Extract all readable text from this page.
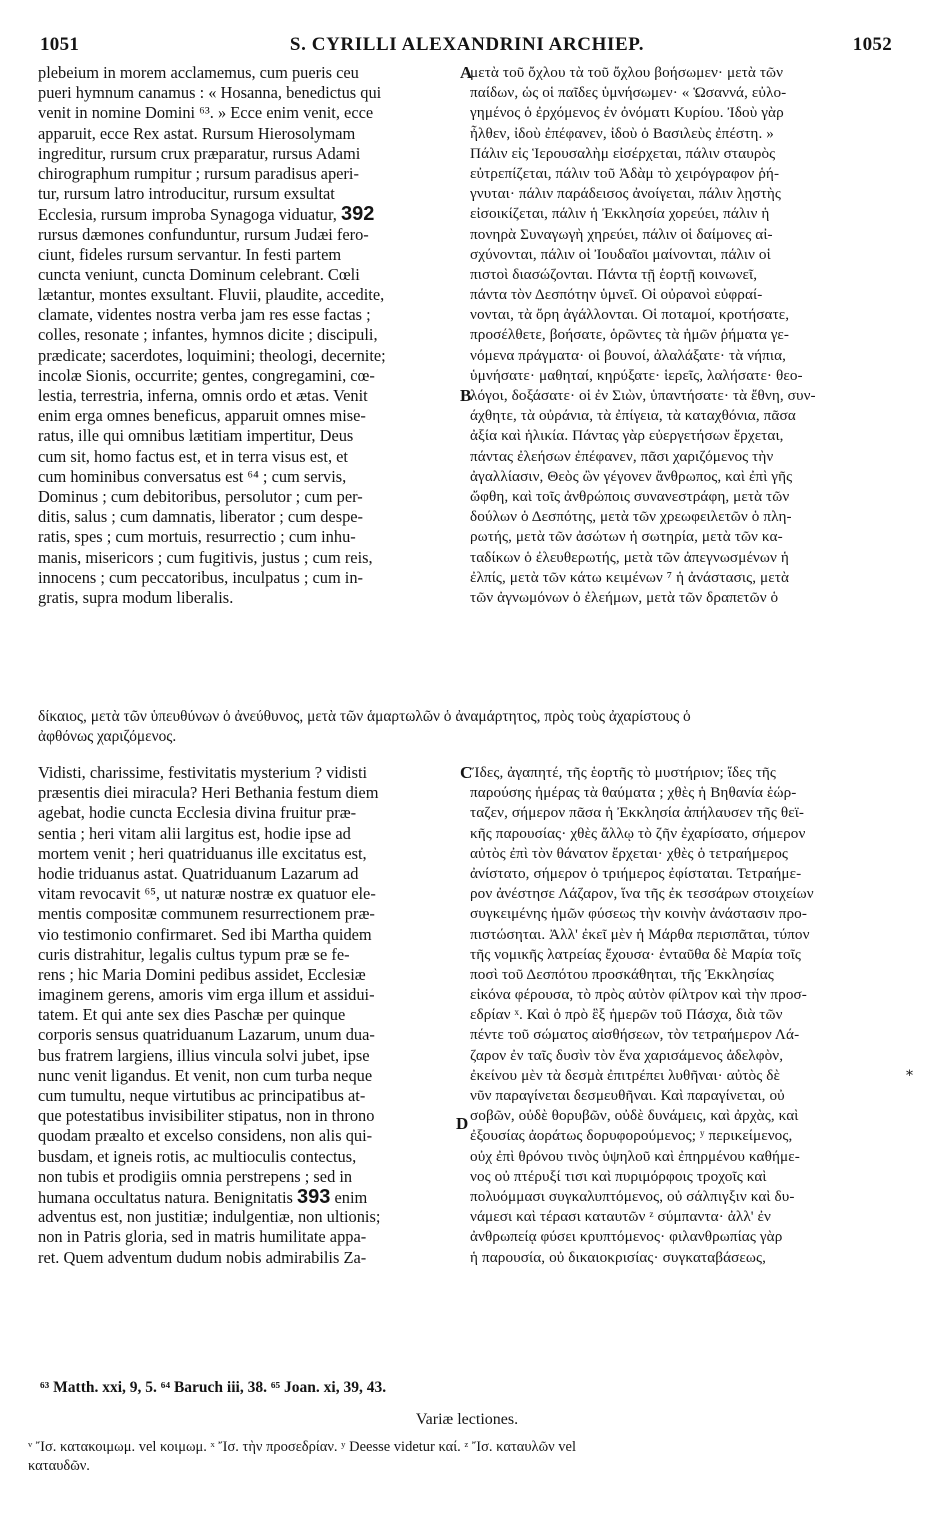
S. CYRILLI ALEXANDRINI ARCHIEP.
1051	1052
plebeium in morem acclamemus, cum pueris ceu
pueri hymnum canamus : « Hosanna, benedictus qui
venit in nomine Domini ⁶³. » Ecce enim venit, ecce
apparuit, ecce Rex astat. Rursum Hierosolymam
ingreditur, rursum crux præparatur, rursus Adami
chirographum rumpitur ; rursum paradisus aperi-
tur, rursum latro introducitur, rursum exsultat
Ecclesia, rursum improba Synagoga viduatur, 392
rursus dæmones confunduntur, rursum Judæi fero-
ciunt, fideles rursum servantur. In festi partem
cuncta veniunt, cuncta Dominum celebrant. Cœli
lætantur, montes exsultant. Fluvii, plaudite, accedite,
clamate, videntes nostra verba jam res esse factas ;
colles, resonate ; infantes, hymnos dicite ; discipuli,
prædicate; sacerdotes, loquimini; theologi, decernite;
incolæ Sionis, occurrite; gentes, congregamini, cœ-
lestia, terrestria, inferna, omnis ordo et ætas. Venit
enim erga omnes beneficus, apparuit omnes mise-
ratus, ille qui omnibus lætitiam impertitur, Deus
cum sit, homo factus est, et in terra visus est, et
cum hominibus conversatus est ⁶⁴ ; cum servis,
Dominus ; cum debitoribus, persolutor ; cum per-
ditis, salus ; cum damnatis, liberator ; cum despe-
ratis, spes ; cum mortuis, resurrectio ; cum inhu-
manis, misericors ; cum fugitivis, justus ; cum reis,
innocens ; cum peccatoribus, inculpatus ; cum in-
gratis, supra modum liberalis.
A
B
μετὰ τοῦ ὄχλου τὰ τοῦ ὄχλου βοήσωμεν· μετὰ τῶν
παίδων, ὡς οἱ παῖδες ὑμνήσωμεν· « Ὡσαννά, εὐλο-
γημένος ὁ ἐρχόμενος ἐν ὀνόματι Κυρίου. Ἰδοὺ γὰρ
ἦλθεν, ἰδοὺ ἐπέφανεν, ἰδοὺ ὁ Βασιλεὺς ἐπέστη. »
Πάλιν εἰς Ἱερουσαλὴμ εἰσέρχεται, πάλιν σταυρὸς
εὐτρεπίζεται, πάλιν τοῦ Ἀδὰμ τὸ χειρόγραφον ῥή-
γνυται· πάλιν παράδεισος ἀνοίγεται, πάλιν λῃστὴς
εἰσοικίζεται, πάλιν ἡ Ἐκκλησία χορεύει, πάλιν ἡ
πονηρὰ Συναγωγὴ χηρεύει, πάλιν οἱ δαίμονες αἰ-
σχύνονται, πάλιν οἱ Ἰουδαῖοι μαίνονται, πάλιν οἱ
πιστοὶ διασώζονται. Πάντα τῇ ἑορτῇ κοινωνεῖ,
πάντα τὸν Δεσπότην ὑμνεῖ. Οἱ οὐρανοὶ εὐφραί-
νονται, τὰ ὄρη ἀγάλλονται. Οἱ ποταμοί, κροτήσατε,
προσέλθετε, βοήσατε, ὁρῶντες τὰ ἡμῶν ῥήματα γε-
νόμενα πράγματα· οἱ βουνοί, ἀλαλάξατε· τὰ νήπια,
ὑμνήσατε· μαθηταί, κηρύξατε· ἱερεῖς, λαλήσατε· θεο-
λόγοι, δοξάσατε· οἱ ἐν Σιὼν, ὑπαντήσατε· τὰ ἔθνη, συν-
άχθητε, τὰ οὐράνια, τὰ ἐπίγεια, τὰ καταχθόνια, πᾶσα
ἀξία καὶ ἡλικία. Πάντας γὰρ εὐεργετήσων ἔρχεται,
πάντας ἐλεήσων ἐπέφανεν, πᾶσι χαριζόμενος τὴν
ἀγαλλίασιν, Θεὸς ὢν γέγονεν ἄνθρωπος, καὶ ἐπὶ γῆς
ὤφθη, καὶ τοῖς ἀνθρώποις συνανεστράφη, μετὰ τῶν
δούλων ὁ Δεσπότης, μετὰ τῶν χρεωφειλετῶν ὁ πλη-
ρωτής, μετὰ τῶν ἀσώτων ἡ σωτηρία, μετὰ τῶν κα-
ταδίκων ὁ ἐλευθερωτής, μετὰ τῶν ἀπεγνωσμένων ἡ
ἐλπίς, μετὰ τῶν κάτω κειμένων ⁷ ἡ ἀνάστασις, μετὰ
τῶν ἀγνωμόνων ὁ ἐλεήμων, μετὰ τῶν δραπετῶν ὁ
δίκαιος, μετὰ τῶν ὑπευθύνων ὁ ἀνεύθυνος, μετὰ τῶν ἁμαρτωλῶν ὁ ἀναμάρτητος, πρὸς τοὺς ἀχαρίστους ὁ
ἀφθόνως χαριζόμενος.
C
D
*
Vidisti, charissime, festivitatis mysterium ? vidisti
præsentis diei miracula? Heri Bethania festum diem
agebat, hodie cuncta Ecclesia divina fruitur præ-
sentia ; heri vitam alii largitus est, hodie ipse ad
mortem venit ; heri quatriduanus ille excitatus est,
hodie triduanus astat. Quatriduanum Lazarum ad
vitam revocavit ⁶⁵, ut naturæ nostræ ex quatuor ele-
mentis compositæ communem resurrectionem præ-
vio testimonio confirmaret. Sed ibi Martha quidem
curis distrahitur, legalis cultus typum præ se fe-
rens ; hic Maria Domini pedibus assidet, Ecclesiæ
imaginem gerens, amoris vim erga illum et assidui-
tatem. Et qui ante sex dies Paschæ per quinque
corporis sensus quatriduanum Lazarum, unum dua-
bus fratrem largiens, illius vincula solvi jubet, ipse
nunc venit ligandus. Et venit, non cum turba neque
cum tumultu, neque virtutibus ac principatibus at-
que potestatibus invisibiliter stipatus, non in throno
quodam præalto et excelso considens, non alis qui-
busdam, et igneis rotis, ac multioculis contectus,
non tubis et prodigiis omnia perstrepens ; sed in
humana occultatus natura. Benignitatis 393 enim
adventus est, non justitiæ; indulgentiæ, non ultionis;
non in Patris gloria, sed in matris humilitate appa-
ret. Quem adventum dudum nobis admirabilis Za-
Ἴδες, ἀγαπητέ, τῆς ἑορτῆς τὸ μυστήριον; ἴδες τῆς
παρούσης ἡμέρας τὰ θαύματα ; χθὲς ἡ Βηθανία ἑώρ-
ταζεν, σήμερον πᾶσα ἡ Ἐκκλησία ἀπήλαυσεν τῆς θεϊ-
κῆς παρουσίας· χθὲς ἄλλῳ τὸ ζῆν ἐχαρίσατο, σήμερον
αὐτὸς ἐπὶ τὸν θάνατον ἔρχεται· χθὲς ὁ τετραήμερος
ἀνίστατο, σήμερον ὁ τριήμερος ἐφίσταται. Τετραήμε-
ρον ἀνέστησε Λάζαρον, ἵνα τῆς ἐκ τεσσάρων στοιχείων
συγκειμένης ἡμῶν φύσεως τὴν κοινὴν ἀνάστασιν προ-
πιστώσηται. Ἀλλ' ἐκεῖ μὲν ἡ Μάρθα περισπᾶται, τύπον
τῆς νομικῆς λατρείας ἔχουσα· ἐνταῦθα δὲ Μαρία τοῖς
ποσὶ τοῦ Δεσπότου προσκάθηται, τῆς Ἐκκλησίας
εἰκόνα φέρουσα, τὸ πρὸς αὐτὸν φίλτρον καὶ τὴν προσ-
εδρίαν ˣ. Καὶ ὁ πρὸ ἓξ ἡμερῶν τοῦ Πάσχα, διὰ τῶν
πέντε τοῦ σώματος αἰσθήσεων, τὸν τετραήμερον Λά-
ζαρον ἐν ταῖς δυσὶν τὸν ἕνα χαρισάμενος ἀδελφὸν,
ἐκείνου μὲν τὰ δεσμὰ ἐπιτρέπει λυθῆναι· αὐτὸς δὲ
νῦν παραγίνεται δεσμευθῆναι. Καὶ παραγίνεται, οὐ
σοβῶν, οὐδὲ θορυβῶν, οὐδὲ δυνάμεις, καὶ ἀρχὰς, καὶ
ἐξουσίας ἀοράτως δορυφορούμενος; ʸ περικείμενος,
οὐχ ἐπὶ θρόνου τινὸς ὑψηλοῦ καὶ ἐπηρμένου καθήμε-
νος οὐ πτέρυξί τισι καὶ πυριμόρφοις τροχοῖς καὶ
πολυόμμασι συγκαλυπτόμενος, οὐ σάλπιγξιν καὶ δυ-
νάμεσι καὶ τέρασι καταυτῶν ᶻ σύμπαντα· ἀλλ' ἐν
ἀνθρωπείᾳ φύσει κρυπτόμενος· φιλανθρωπίας γὰρ
ἡ παρουσία, οὐ δικαιοκρισίας· συγκαταβάσεως,
⁶³ Matth. xxi, 9, 5. ⁶⁴ Baruch iii, 38. ⁶⁵ Joan. xi, 39, 43.
Variæ lectiones.
ᵛ Ἴσ. κατακοιμωμ. vel κοιμωμ. ˣ Ἴσ. τὴν προσεδρίαν. ʸ Deesse videtur καί. ᶻ Ἴσ. καταυλῶν vel
καταυδῶν.
